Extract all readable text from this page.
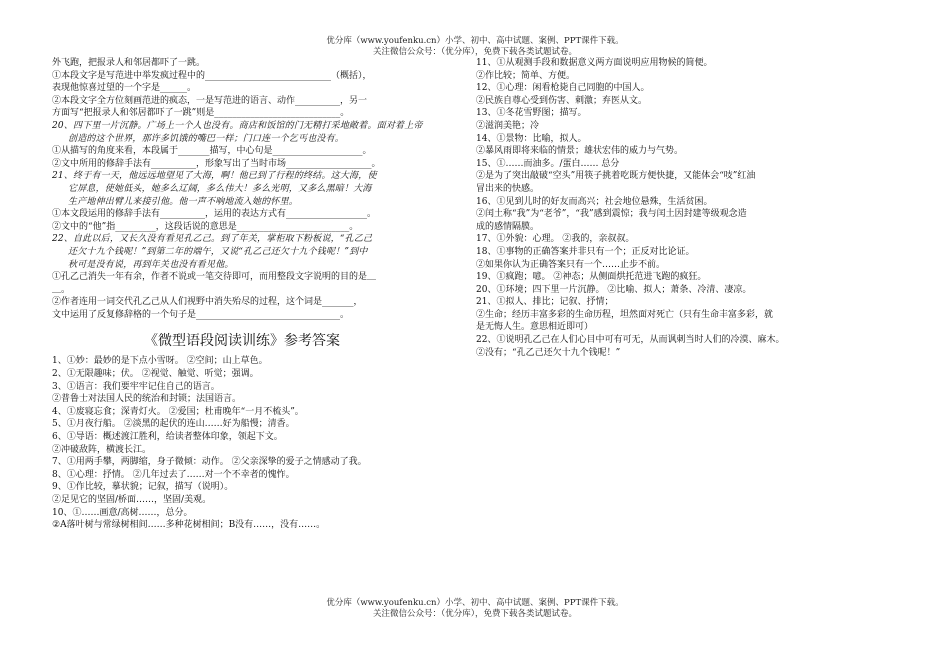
优分库（www.youfenku.cn）小学、初中、高中试题、案例、PPT课件下载。
关注微信公众号：（优分库），免费下载各类试题试卷。
外飞跑，把报录人和邻居都吓了一跳。
①本段文字是写范进中举发疯过程中的____________________________（概括），
表现他惊喜过望的一个字是______。
②本段文字全方位刻画范进的疯态，一是写范进的语言、动作__________，另一
方面写“把报录人和邻居都吓了一跳”则是____________________________。
20、四下里一片沉静。广场上一个人也没有。商店和饭馆的门无精打采地敞着。面对着上帝
创造的这个世界，那许多饥饿的嘴巴一样；门口连一个乞丐也没有。
①从描写的角度来看，本段属于_______描写，中心句是____________________。
②文中所用的修辞手法有__________，形象写出了当时市场___________________。
21、终于有一天，他远远地望见了大海，啊！他已到了行程的终结。这大海，使
它屏息，使她低头，她多么辽阔，多么伟大！多么光明，又多么黑暗！大海
生产地伸出臂儿来接引他。他一声不响地流入她的怀里。
①本文段运用的修辞手法有__________，运用的表达方式有__________________。
②文中的“他”指_________，这段话说的意思是_________________________。
22、自此以后，又长久没有看见孔乙己。到了年关，掌柜取下粉板说，“孔乙己
还欠十九个钱呢！”到第二年的端午，又说“孔乙己还欠十九个钱呢！”到中
秋可是没有说，再到年关也没有看见他。
①孔乙己消失一年有余，作者不说或一笔交待即可，而用整段文字说明的目的是＿
＿。
②作者连用一词交代孔乙己从人们视野中消失殆尽的过程，这个词是_______，
文中运用了反复修辞格的一个句子是________________________________。
《微型语段阅读训练》参考答案
1、①妙：最妙的是下点小雪呀。 ②空间；山上草色。
2、①无限趣味；伏。 ②视觉、触觉、听觉；强调。
3、①语言：我们要牢牢记住自己的语言。
②普鲁士对法国人民的统治和封锁；法国语言。
4、①废寝忘食；深青灯火。 ②爱国；杜甫晚年“一月不梳头”。
5、①月夜行船。 ②淡黑的起伏的连山……好为船慢；清香。
6、①导语：概述渡江胜利，给读者整体印象，领起下文。
②冲破敌阵，横渡长江。
7、①用两手攀，两脚缩，身子微倾：动作。 ②父亲深挚的爱子之情感动了我。
8、①心理：抒情。 ②几年过去了……对一个不幸者的愧怍。
9、①作比较，摹状貌；记叙，描写（说明）。
②足见它的坚固/桥面……，坚固/美观。
10、①……画意/高树……，总分。
②A落叶树与常绿树相间……多种花树相间；B没有……，没有……。
11、①从观测手段和数据意义两方面说明应用物候的简便。
②作比较；简单、方便。
12、①心理：闲看枪毙自己同胞的中国人。
②民族自尊心受到伤害、刺激；弃医从文。
13、①冬花雪野图；描写。
②滋润美艳；冷
14、①景物：比喻，拟人。
②暴风雨即将来临的情景；雄状宏伟的威力与气势。
15、①……而油多。/蛋白…… 总分
②是为了突出敲破“空头”用筷子挑着吃既方便快捷，又能体会“吱”红油
冒出来的快感。
16、①见到儿时的好友而高兴；社会地位悬殊，生活贫困。
②闰土称“我”为“老爷”，“我”感到震惊；我与闰土因封建等级观念造
成的感情隔膜。
17、①外貌：心理。 ②我的，亲叔叔。
18、①事物的正确答案并非只有一个；正反对比论证。
②如果你认为正确答案只有一个……止步不前。
19、①疯跑；噫。 ②神态；从侧面烘托范进飞跑的疯狂。
20、①环境；四下里一片沉静。 ②比喻、拟人；萧条、冷清、凄凉。
21、①拟人、排比；记叙、抒情；
②生命；经历丰富多彩的生命历程，坦然面对死亡（只有生命丰富多彩，就
是无悔人生。意思相近即可）
22、①说明孔乙己在人们心目中可有可无，从而讽刺当时人们的冷漠、麻木。
②没有；“孔乙己还欠十九个钱呢！”
优分库（www.youfenku.cn）小学、初中、高中试题、案例、PPT课件下载。
关注微信公众号：（优分库），免费下载各类试题试卷。
